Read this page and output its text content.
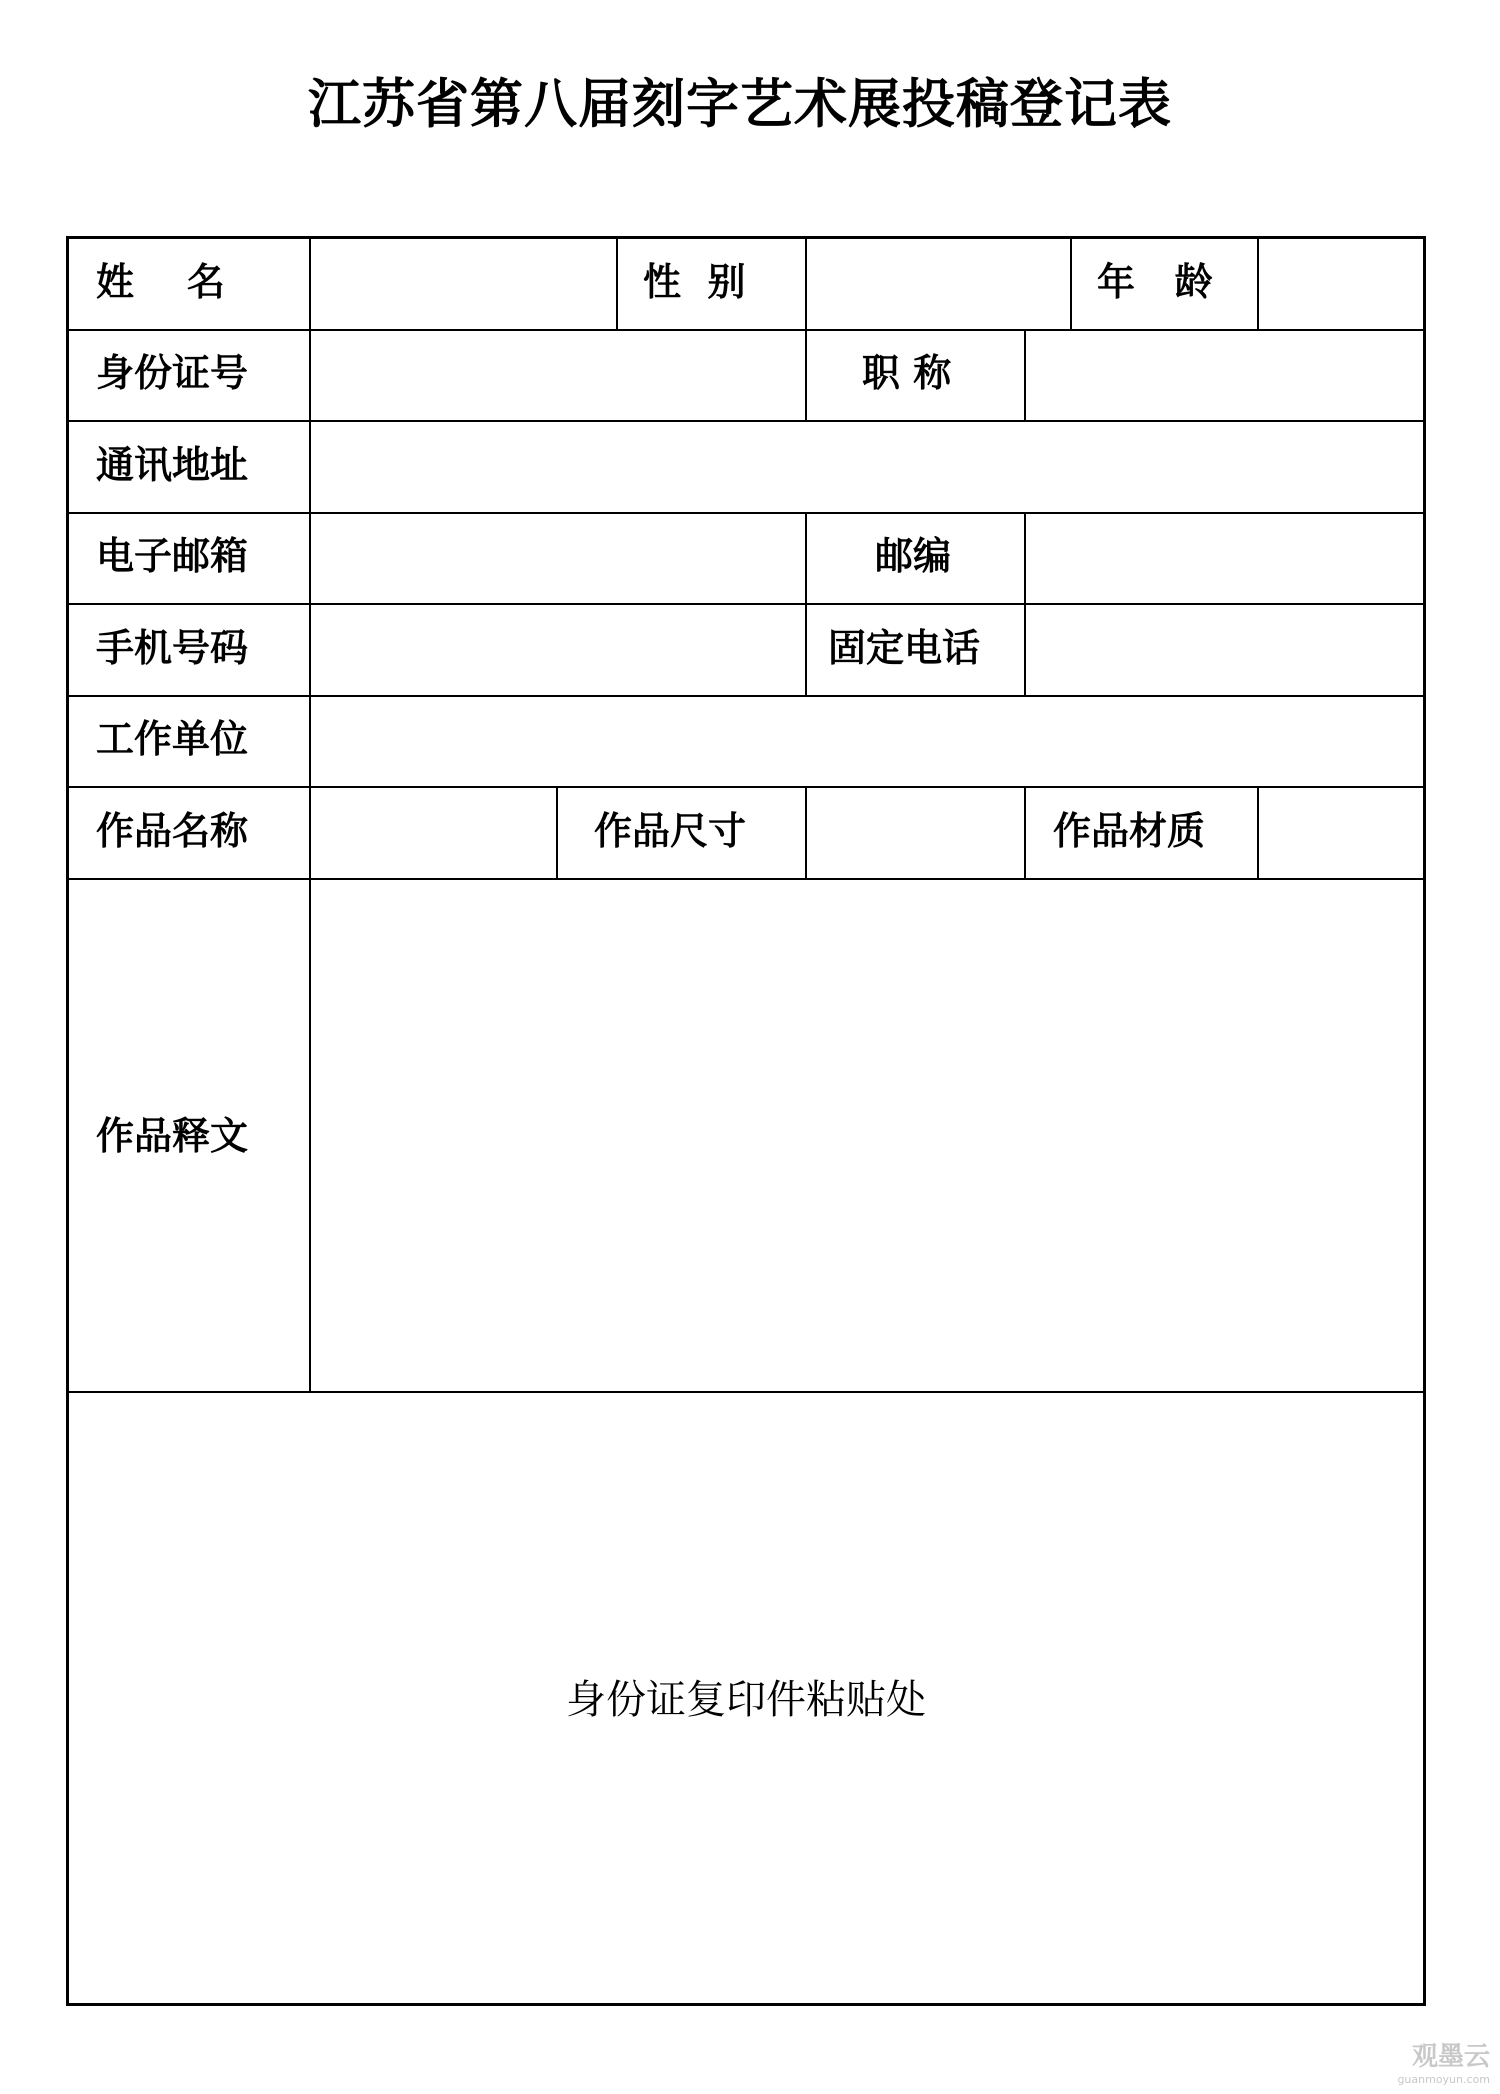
江苏省第八届刻字艺术展投稿登记表
姓    名	性  别	年   龄
身份证号	职 称
通讯地址
电子邮箱	邮编
手机号码	固定电话
工作单位
作品名称	作品尺寸	作品材质
作品释文
身份证复印件粘贴处
观墨云
guanmoyun.com
